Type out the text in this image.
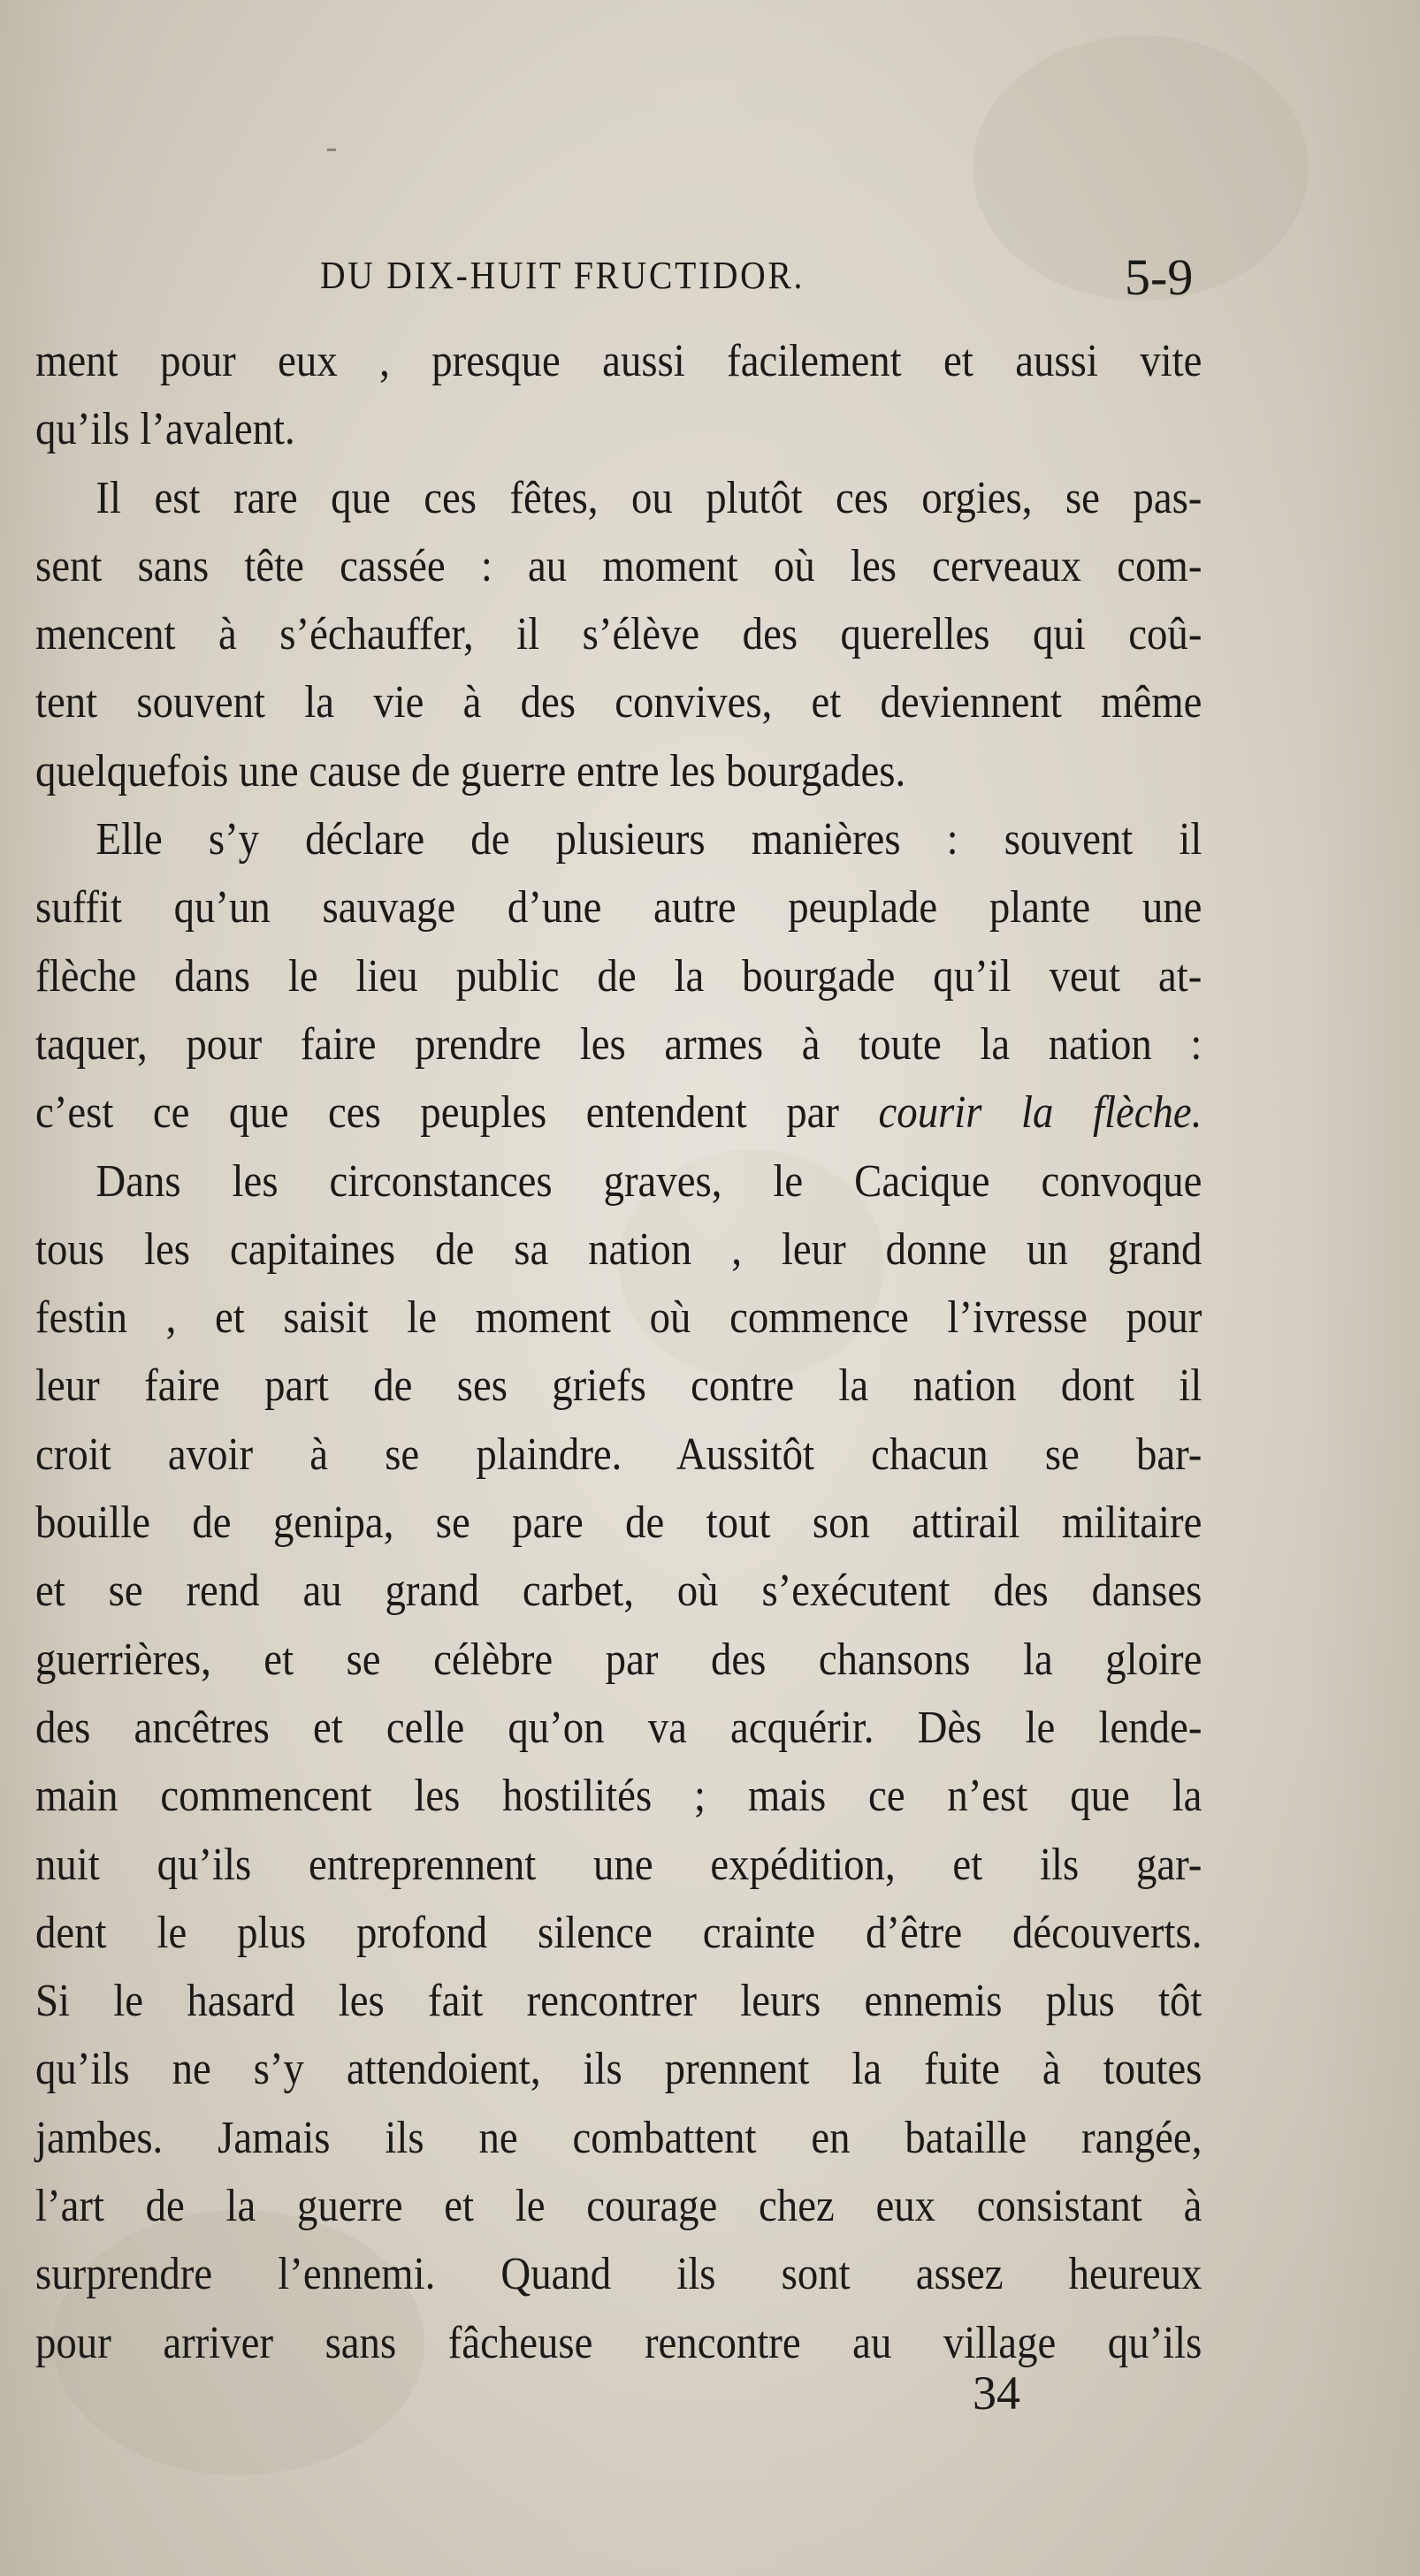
DU DIX-HUIT FRUCTIDOR.	5-9
ment pour eux , presque aussi facilement et aussi vite
qu’ils l’avalent.
Il est rare que ces fêtes, ou plutôt ces orgies, se pas-
sent sans tête cassée : au moment où les cerveaux com-
mencent à s’échauffer, il s’élève des querelles qui coû-
tent souvent la vie à des convives, et deviennent même
quelquefois une cause de guerre entre les bourgades.
Elle s’y déclare de plusieurs manières : souvent il
suffit qu’un sauvage d’une autre peuplade plante une
flèche dans le lieu public de la bourgade qu’il veut at-
taquer, pour faire prendre les armes à toute la nation :
c’est ce que ces peuples entendent par courir la flèche.
Dans les circonstances graves, le Cacique convoque
tous les capitaines de sa nation , leur donne un grand
festin , et saisit le moment où commence l’ivresse pour
leur faire part de ses griefs contre la nation dont il
croit avoir à se plaindre. Aussitôt chacun se bar-
bouille de genipa, se pare de tout son attirail militaire
et se rend au grand carbet, où s’exécutent des danses
guerrières, et se célèbre par des chansons la gloire
des ancêtres et celle qu’on va acquérir. Dès le lende-
main commencent les hostilités ; mais ce n’est que la
nuit qu’ils entreprennent une expédition, et ils gar-
dent le plus profond silence crainte d’être découverts.
Si le hasard les fait rencontrer leurs ennemis plus tôt
qu’ils ne s’y attendoient, ils prennent la fuite à toutes
jambes. Jamais ils ne combattent en bataille rangée,
l’art de la guerre et le courage chez eux consistant à
surprendre l’ennemi. Quand ils sont assez heureux
pour arriver sans fâcheuse rencontre au village qu’ils
34
